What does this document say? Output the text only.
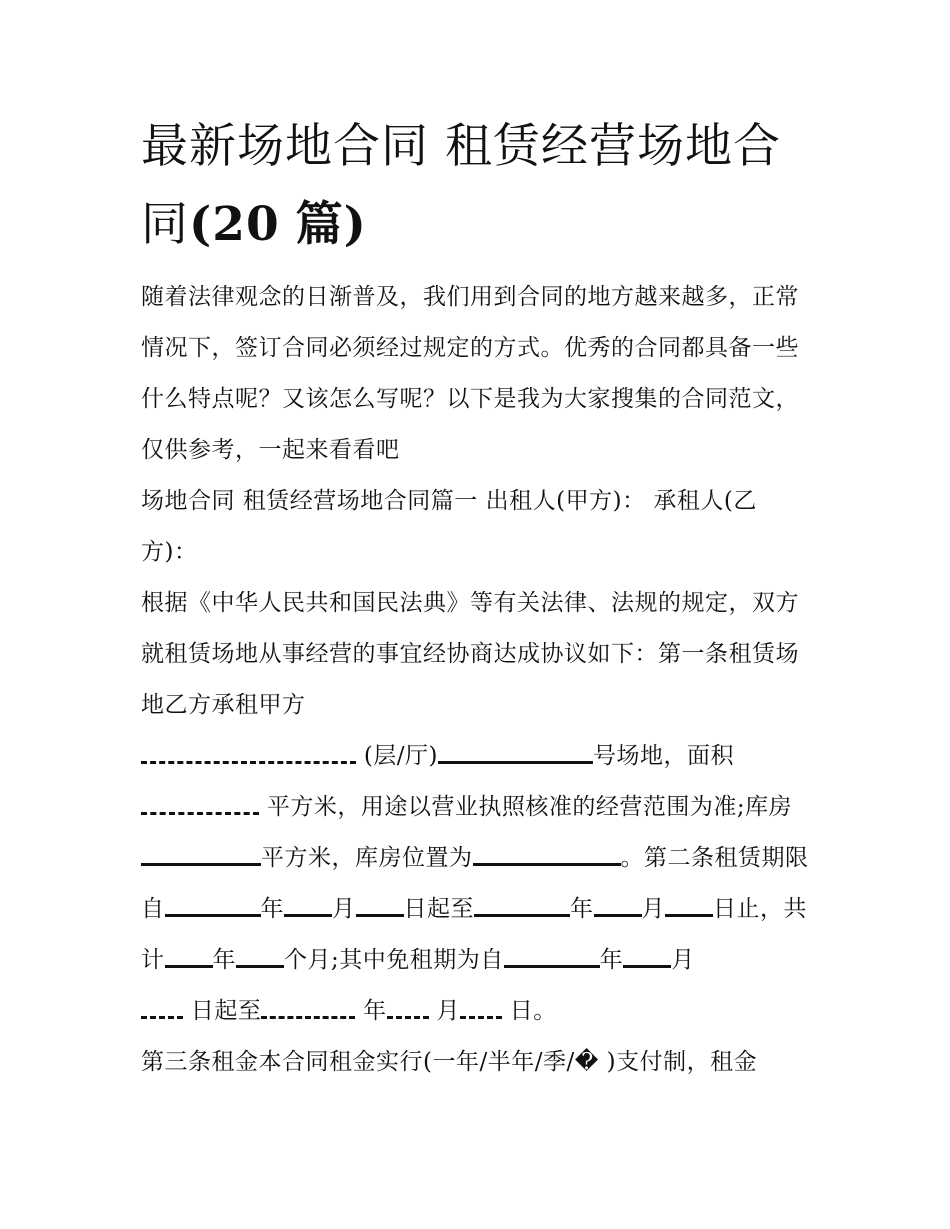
最新场地合同 租赁经营场地合
同(20 篇)

随着法律观念的日渐普及，我们用到合同的地方越来越多，正常情况下，签订合同必须经过规定的方式。优秀的合同都具备一些什么特点呢？又该怎么写呢？以下是我为大家搜集的合同范文，仅供参考，一起来看看吧

场地合同 租赁经营场地合同篇一 出租人(甲方)： 承租人(乙方)：

根据《中华人民共和国民法典》等有关法律、法规的规定，双方就租赁场地从事经营的事宜经协商达成协议如下：第一条租赁场地乙方承租甲方

(层/厅)	号场地，面积
平方米，用途以营业执照核准的经营范围为准;库房平方米，库房位置为	。第二条租赁期限自	年 月 日起至	年 月 日止，共计 年 个月;其中免租期为自	年 月
日起至	年 月 日。

第三条租金本合同租金实行(一年/半年/季/� )支付制，租金
